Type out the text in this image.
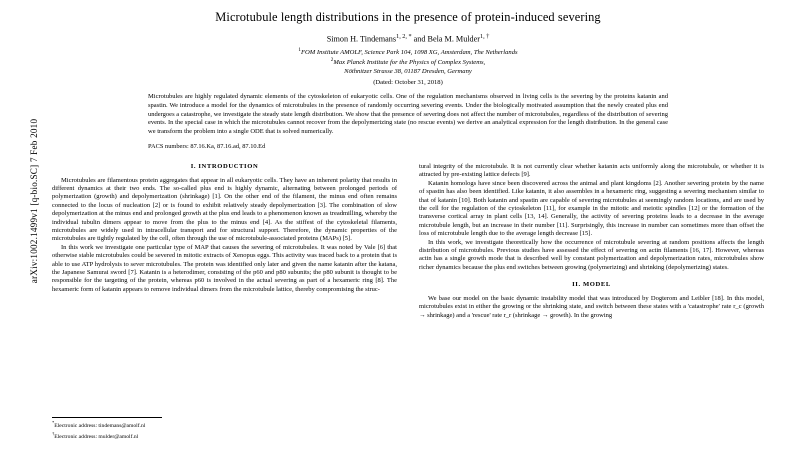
arXiv:1002.1499v1 [q-bio.SC] 7 Feb 2010
Microtubule length distributions in the presence of protein-induced severing
Simon H. Tindemans$^{1, 2, *}$ and Bela M. Mulder$^{1, \dagger}$
$^1$FOM Institute AMOLF, Science Park 104, 1098 XG, Amsterdam, The Netherlands
$^2$Max Planck Institute for the Physics of Complex Systems,
Nöthnitzer Strasse 38, 01187 Dresden, Germany
(Dated: October 31, 2018)
Microtubules are highly regulated dynamic elements of the cytoskeleton of eukaryotic cells. One of the regulation mechanisms observed in living cells is the severing by the proteins katanin and spastin. We introduce a model for the dynamics of microtubules in the presence of randomly occurring severing events. Under the biologically motivated assumption that the newly created plus end undergoes a catastrophe, we investigate the steady state length distribution. We show that the presence of severing does not affect the number of microtubules, regardless of the distribution of severing events. In the special case in which the microtubules cannot recover from the depolymerizing state (no rescue events) we derive an analytical expression for the length distribution. In the general case we transform the problem into a single ODE that is solved numerically.
PACS numbers: 87.16.Ka, 87.16.ad, 87.10.Ed
I. INTRODUCTION

Microtubules are filamentous protein aggregates that appear in all eukaryotic cells. They have an inherent polarity that results in different dynamics at their two ends. The so-called plus end is highly dynamic, alternating between prolonged periods of polymerization (growth) and depolymerization (shrinkage) [1]. On the other end of the filament, the minus end often remains connected to the locus of nucleation [2] or is found to exhibit relatively steady depolymerization [3]. The combination of slow depolymerization at the minus end and prolonged growth at the plus end leads to a phenomenon known as treadmilling, whereby the individual tubulin dimers appear to move from the plus to the minus end [4]. As the stiffest of the cytoskeletal filaments, microtubules are widely used in intracellular transport and for structural support. Therefore, the dynamic properties of the microtubules are tightly regulated by the cell, often through the use of microtubule-associated proteins (MAPs) [5].

In this work we investigate one particular type of MAP that causes the severing of microtubules. It was noted by Vale [6] that otherwise stable microtubules could be severed in mitotic extracts of Xenopus eggs. This activity was traced back to a protein that is able to use ATP hydrolysis to sever microtubules. The protein was identified only later and given the name katanin after the katana, the Japanese Samurai sword [7]. Katanin is a heterodimer, consisting of the p60 and p80 subunits; the p80 subunit is thought to be responsible for the targeting of the protein, whereas p60 is involved in the actual severing as part of a hexameric ring [8]. The hexameric form of katanin appears to remove individual dimers from the microtubule lattice, thereby compromising the struc-

*Electronic address: tindemans@amolf.nl
†Electronic address: mulder@amolf.nl

tural integrity of the microtubule. It is not currently clear whether katanin acts uniformly along the microtubule, or whether it is attracted by pre-existing lattice defects [9].

Katanin homologs have since been discovered across the animal and plant kingdoms [2]. Another severing protein by the name of spastin has also been identified. Like katanin, it also assembles in a hexameric ring, suggesting a severing mechanism similar to that of katanin [10]. Both katanin and spastin are capable of severing microtubules at seemingly random locations, and are used by the cell for the regulation of the cytoskeleton [11], for example in the mitotic and meiotic spindles [12] or the formation of the transverse cortical array in plant cells [13, 14]. Generally, the activity of severing proteins leads to a decrease in the average microtubule length, but an increase in their number [11]. Surprisingly, this increase in number can sometimes more than offset the loss of microtubule length due to the average length decrease [15].

In this work, we investigate theoretically how the occurrence of microtubule severing at random positions affects the length distribution of microtubules. Previous studies have assessed the effect of severing on actin filaments [16, 17]. However, whereas actin has a single growth mode that is described well by constant polymerization and depolymerization rates, microtubules show richer dynamics because the plus end switches between growing (polymerizing) and shrinking (depolymerizing) states.

II. MODEL

We base our model on the basic dynamic instability model that was introduced by Dogterom and Leibler [18]. In this model, microtubules exist in either the growing or the shrinking state, and switch between these states with a 'catastrophe' rate r_c (growth → shrinkage) and a 'rescue' rate r_r (shrinkage → growth). In the growing
